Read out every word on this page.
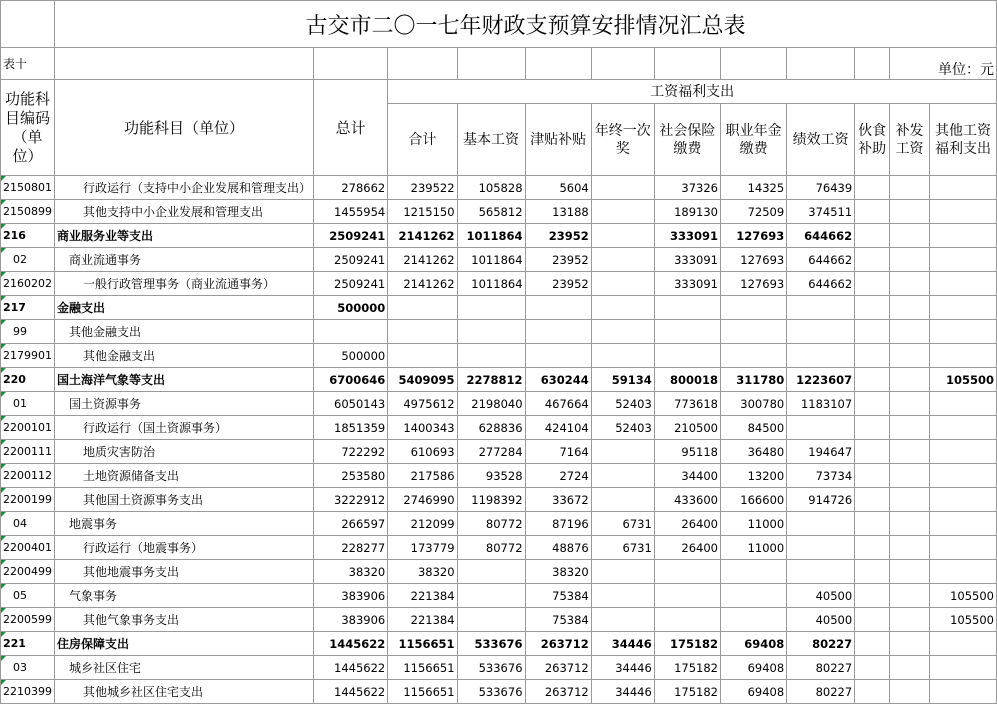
	古交市二〇一七年财政支预算安排情况汇总表											
表十											单位：元	
功能科目编码（单位）	功能科目（单位）	总计	工资福利支出									
			合计	基本工资	津贴补贴	年终一次奖	社会保险缴费	职业年金缴费	绩效工资	伙食补助	补发工资	其他工资福利支出
2150801	行政运行（支持中小企业发展和管理支出）	278662	239522	105828	5604		37326	14325	76439			
2150899	其他支持中小企业发展和管理支出	1455954	1215150	565812	13188		189130	72509	374511			
216	商业服务业等支出	2509241	2141262	1011864	23952		333091	127693	644662			
02	商业流通事务	2509241	2141262	1011864	23952		333091	127693	644662			
2160202	一般行政管理事务（商业流通事务）	2509241	2141262	1011864	23952		333091	127693	644662			
217	金融支出	500000										
99	其他金融支出											
2179901	其他金融支出	500000										
220	国土海洋气象等支出	6700646	5409095	2278812	630244	59134	800018	311780	1223607			105500
01	国土资源事务	6050143	4975612	2198040	467664	52403	773618	300780	1183107			
2200101	行政运行（国土资源事务）	1851359	1400343	628836	424104	52403	210500	84500				
2200111	地质灾害防治	722292	610693	277284	7164		95118	36480	194647			
2200112	土地资源储备支出	253580	217586	93528	2724		34400	13200	73734			
2200199	其他国土资源事务支出	3222912	2746990	1198392	33672		433600	166600	914726			
04	地震事务	266597	212099	80772	87196	6731	26400	11000				
2200401	行政运行（地震事务）	228277	173779	80772	48876	6731	26400	11000				
2200499	其他地震事务支出	38320	38320		38320							
05	气象事务	383906	221384		75384				40500			105500
2200599	其他气象事务支出	383906	221384		75384				40500			105500
221	住房保障支出	1445622	1156651	533676	263712	34446	175182	69408	80227			
03	城乡社区住宅	1445622	1156651	533676	263712	34446	175182	69408	80227			
2210399	其他城乡社区住宅支出	1445622	1156651	533676	263712	34446	175182	69408	80227			
